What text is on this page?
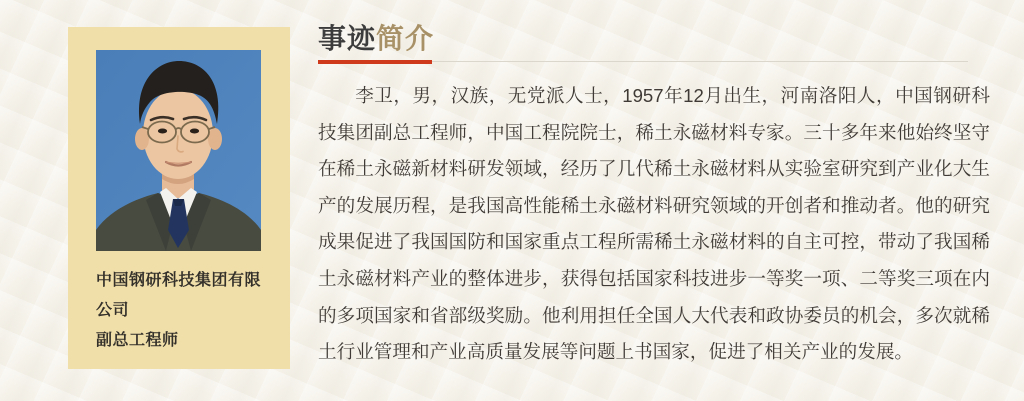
中国钢研科技集团有限公司
副总工程师
事迹简介

李卫，男，汉族，无党派人士，1957年12月出生，河南洛阳人，中国钢研科技集团副总工程师，中国工程院院士，稀土永磁材料专家。三十多年来他始终坚守在稀土永磁新材料研发领域，经历了几代稀土永磁材料从实验室研究到产业化大生产的发展历程，是我国高性能稀土永磁材料研究领域的开创者和推动者。他的研究成果促进了我国国防和国家重点工程所需稀土永磁材料的自主可控，带动了我国稀土永磁材料产业的整体进步，获得包括国家科技进步一等奖一项、二等奖三项在内的多项国家和省部级奖励。他利用担任全国人大代表和政协委员的机会，多次就稀土行业管理和产业高质量发展等问题上书国家，促进了相关产业的发展。
